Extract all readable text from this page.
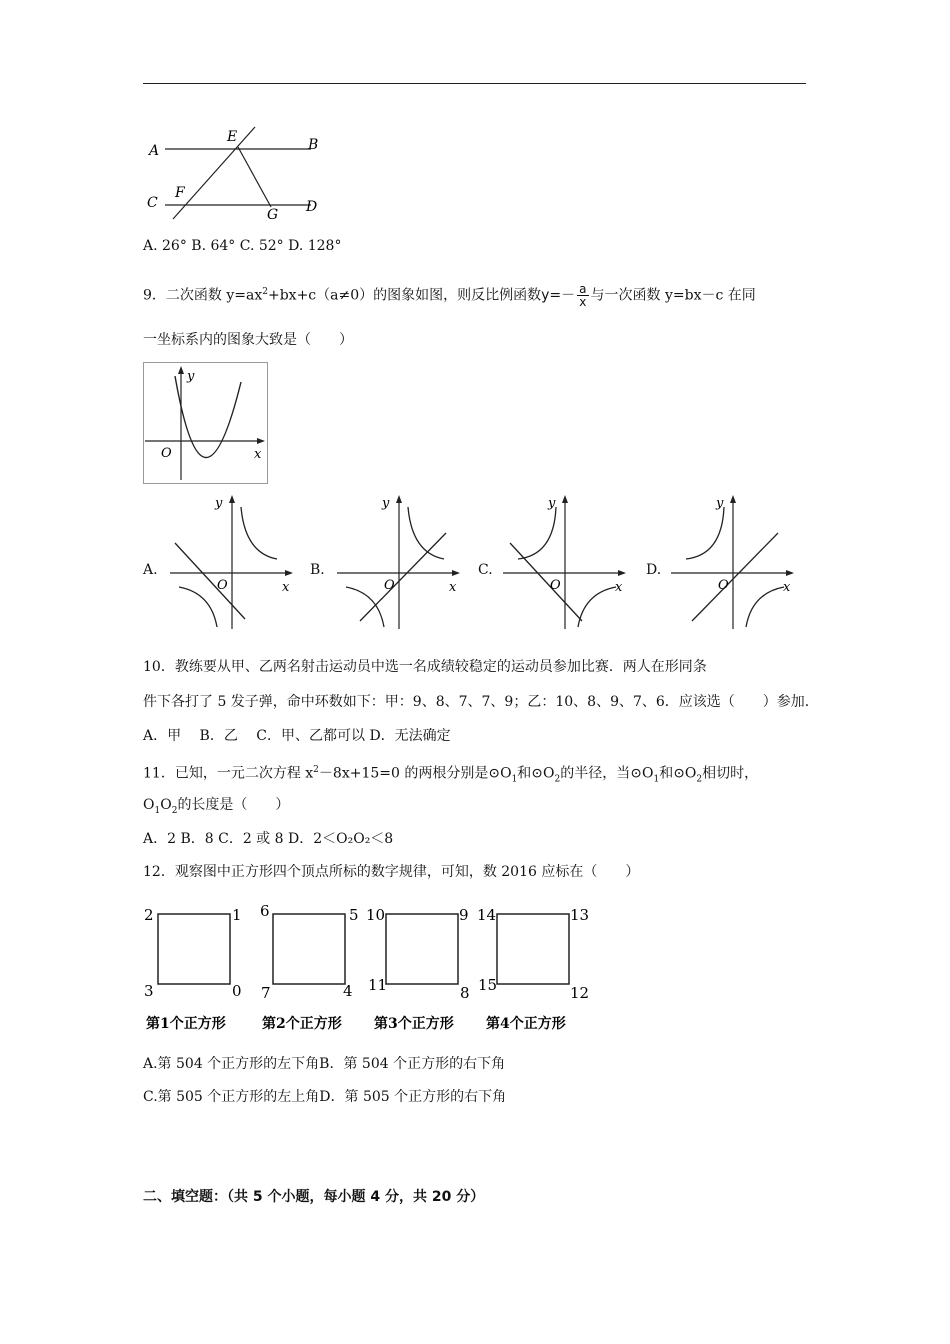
A	B
C	D
E
F
G
A. 26° B. 64° C. 52° D. 128°
9．二次函数 $y=ax^2+bx+c(a\ne 0)$的图象如图，则反比例函数$y=- \frac{a}{x}$ 与一次函数 y=bx－c 在同
一坐标系内的图象大致是（　　）
y
x
O
A.
y
x
O
B.
y
x
O
C.
y
x
O
D.
y
x
O
10．教练要从甲、乙两名射击运动员中选一名成绩较稳定的运动员参加比赛．两人在形同条
件下各打了 5 发子弹，命中环数如下：甲：9、8、7、7、9；乙：10、8、9、7、6．应该选（　　）参加．
A．甲　 B．乙　 C．甲、乙都可以 D．无法确定
11．已知，一元二次方程 $x^2-8x+15=0$ 的两根分别是$⊙O_1$和$⊙O_2$的半径，当$⊙O_1$和$⊙O_2$相切时，
$O_1O_2$的长度是（　　）
A．2 B．8 C．2 或 8 D．2＜O₂O₂＜8
12．观察图中正方形四个顶点所标的数字规律，可知，数 2016 应标在（　　）
2	1
3	0
第1个正方形
6	5
7	4
第2个正方形
10	9
11	8
第3个正方形
14	13
15	12
第4个正方形
A.第 504 个正方形的左下角B．第 504 个正方形的右下角
C.第 505 个正方形的左上角D．第 505 个正方形的右下角
二、填空题：（共 5 个小题，每小题 4 分，共 20 分）
